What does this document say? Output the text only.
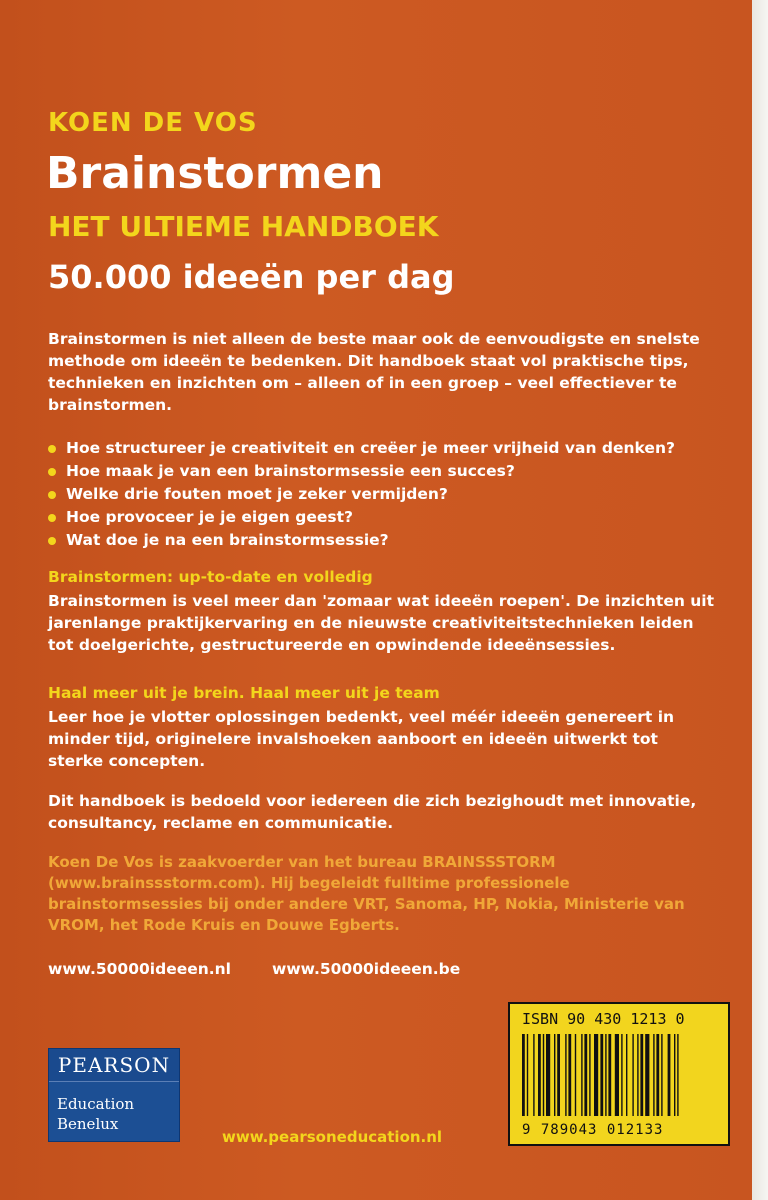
KOEN DE VOS
Brainstormen
HET ULTIEME HANDBOEK
50.000 ideeën per dag
Brainstormen is niet alleen de beste maar ook de eenvoudigste en snelste methode om ideeën te bedenken. Dit handboek staat vol praktische tips, technieken en inzichten om – alleen of in een groep – veel effectiever te brainstormen.
Hoe structureer je creativiteit en creëer je meer vrijheid van denken?
Hoe maak je van een brainstormsessie een succes?
Welke drie fouten moet je zeker vermijden?
Hoe provoceer je je eigen geest?
Wat doe je na een brainstormsessie?
Brainstormen: up-to-date en volledig
Brainstormen is veel meer dan 'zomaar wat ideeën roepen'. De inzichten uit jarenlange praktijkervaring en de nieuwste creativiteitstechnieken leiden tot doelgerichte, gestructureerde en opwindende ideeënsessies.
Haal meer uit je brein. Haal meer uit je team
Leer hoe je vlotter oplossingen bedenkt, veel méér ideeën genereert in minder tijd, originelere invalshoeken aanboort en ideeën uitwerkt tot sterke concepten.
Dit handboek is bedoeld voor iedereen die zich bezighoudt met innovatie, consultancy, reclame en communicatie.
Koen De Vos is zaakvoerder van het bureau BRAINSSSTORM (www.brainssstorm.com). Hij begeleidt fulltime professionele brainstormsessies bij onder andere VRT, Sanoma, HP, Nokia, Ministerie van VROM, het Rode Kruis en Douwe Egberts.
www.50000ideeen.nl	www.50000ideeen.be
PEARSON
Education
Benelux
www.pearsoneducation.nl
ISBN 90 430 1213 0
9 789043 012133
